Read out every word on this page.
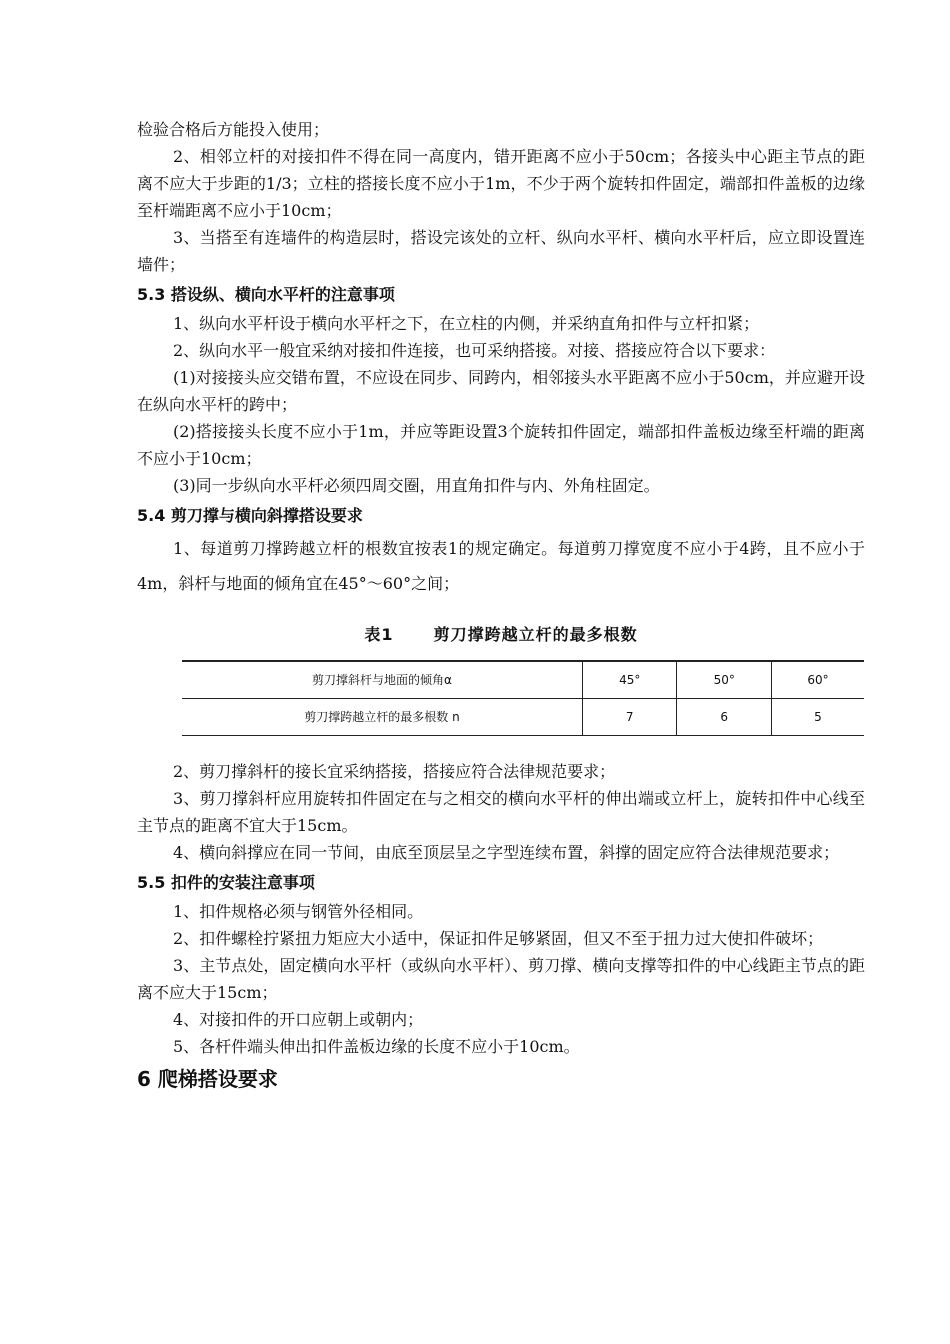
检验合格后方能投入使用；

2、相邻立杆的对接扣件不得在同一高度内，错开距离不应小于50cm；各接头中心距主节点的距离不应大于步距的1/3；立柱的搭接长度不应小于1m，不少于两个旋转扣件固定，端部扣件盖板的边缘至杆端距离不应小于10cm；

3、当搭至有连墙件的构造层时，搭设完该处的立杆、纵向水平杆、横向水平杆后，应立即设置连墙件；

5.3 搭设纵、横向水平杆的注意事项

1、纵向水平杆设于横向水平杆之下，在立柱的内侧，并采纳直角扣件与立杆扣紧；

2、纵向水平一般宜采纳对接扣件连接，也可采纳搭接。对接、搭接应符合以下要求：

(1)对接接头应交错布置，不应设在同步、同跨内，相邻接头水平距离不应小于50cm，并应避开设在纵向水平杆的跨中；

(2)搭接接头长度不应小于1m，并应等距设置3个旋转扣件固定，端部扣件盖板边缘至杆端的距离不应小于10cm；

(3)同一步纵向水平杆必须四周交圈，用直角扣件与内、外角柱固定。

5.4 剪刀撑与横向斜撑搭设要求

1、每道剪刀撑跨越立杆的根数宜按表1的规定确定。每道剪刀撑宽度不应小于4跨，且不应小于4m，斜杆与地面的倾角宜在45°～60°之间；

表1	剪刀撑跨越立杆的最多根数
剪刀撑斜杆与地面的倾角α	45°	50°	60°
剪刀撑跨越立杆的最多根数 n	7	6	5

2、剪刀撑斜杆的接长宜采纳搭接，搭接应符合法律规范要求；

3、剪刀撑斜杆应用旋转扣件固定在与之相交的横向水平杆的伸出端或立杆上，旋转扣件中心线至主节点的距离不宜大于15cm。

4、横向斜撑应在同一节间，由底至顶层呈之字型连续布置，斜撑的固定应符合法律规范要求；

5.5 扣件的安装注意事项

1、扣件规格必须与钢管外径相同。

2、扣件螺栓拧紧扭力矩应大小适中，保证扣件足够紧固，但又不至于扭力过大使扣件破坏；

3、主节点处，固定横向水平杆（或纵向水平杆）、剪刀撑、横向支撑等扣件的中心线距主节点的距离不应大于15cm；

4、对接扣件的开口应朝上或朝内；

5、各杆件端头伸出扣件盖板边缘的长度不应小于10cm。

6 爬梯搭设要求
